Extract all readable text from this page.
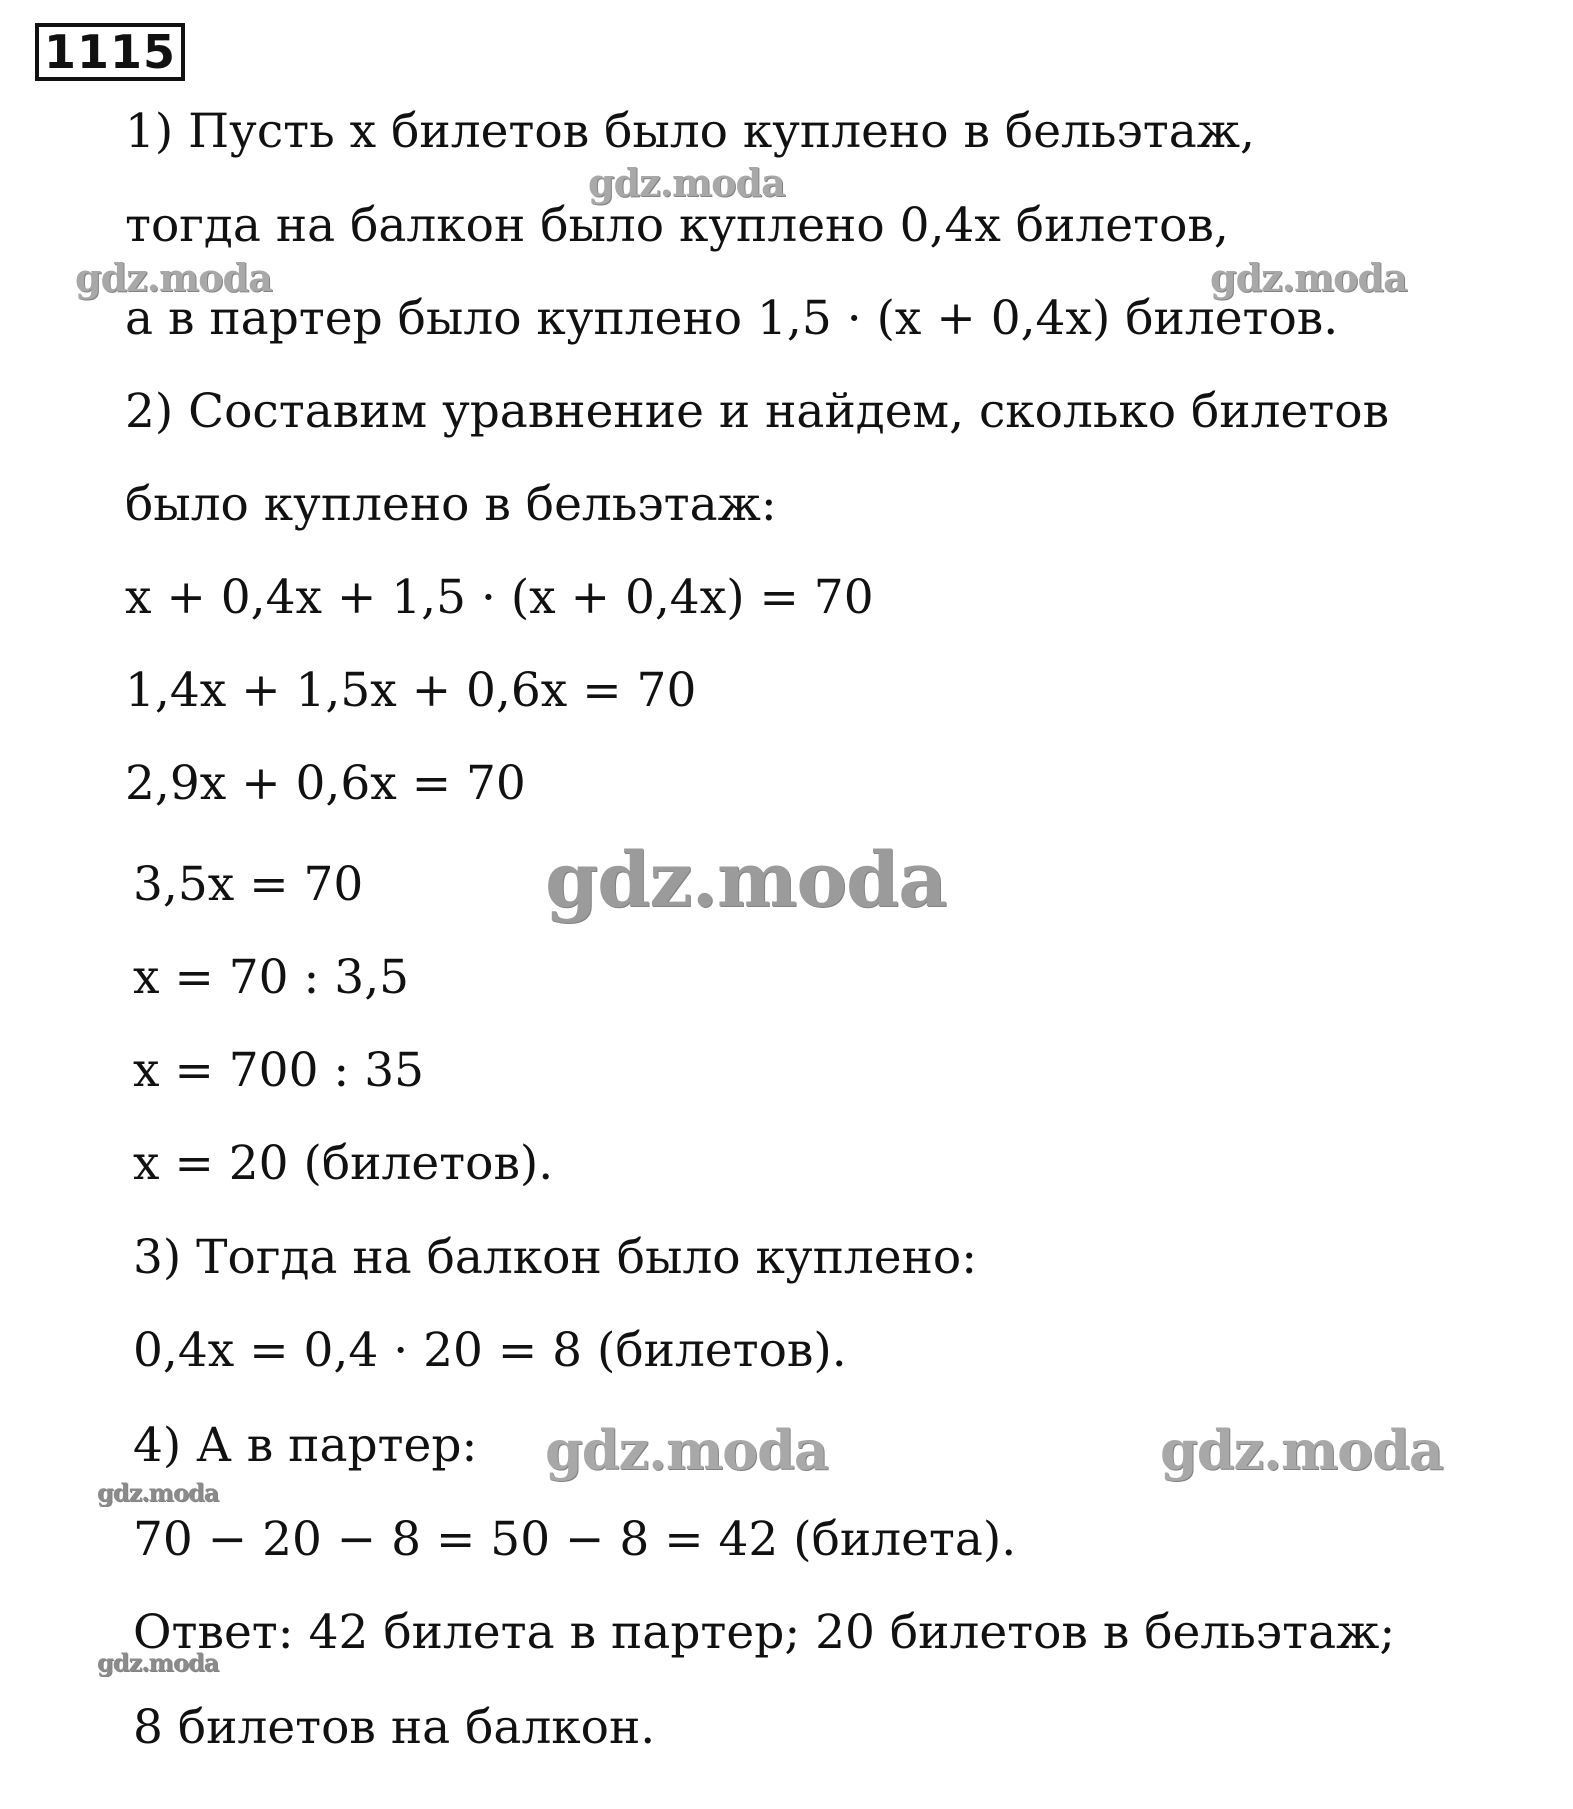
1115
1) Пусть x билетов было куплено в бельэтаж,
тогда на балкон было куплено 0,4x билетов,
а в партер было куплено 1,5 · (x + 0,4x) билетов.
2) Составим уравнение и найдем, сколько билетов
было куплено в бельэтаж:
x + 0,4x + 1,5 · (x + 0,4x) = 70
1,4x + 1,5x + 0,6x = 70
2,9x + 0,6x = 70
3,5x = 70
x = 70 : 3,5
x = 700 : 35
x = 20 (билетов).
3) Тогда на балкон было куплено:
0,4x = 0,4 · 20 = 8 (билетов).
4) А в партер:
70 − 20 − 8 = 50 − 8 = 42 (билета).
Ответ: 42 билета в партер; 20 билетов в бельэтаж;
8 билетов на балкон.
gdz.moda
gdz.moda	gdz.moda
gdz.moda
gdz.moda	gdz.moda
gdz.moda
gdz.moda
